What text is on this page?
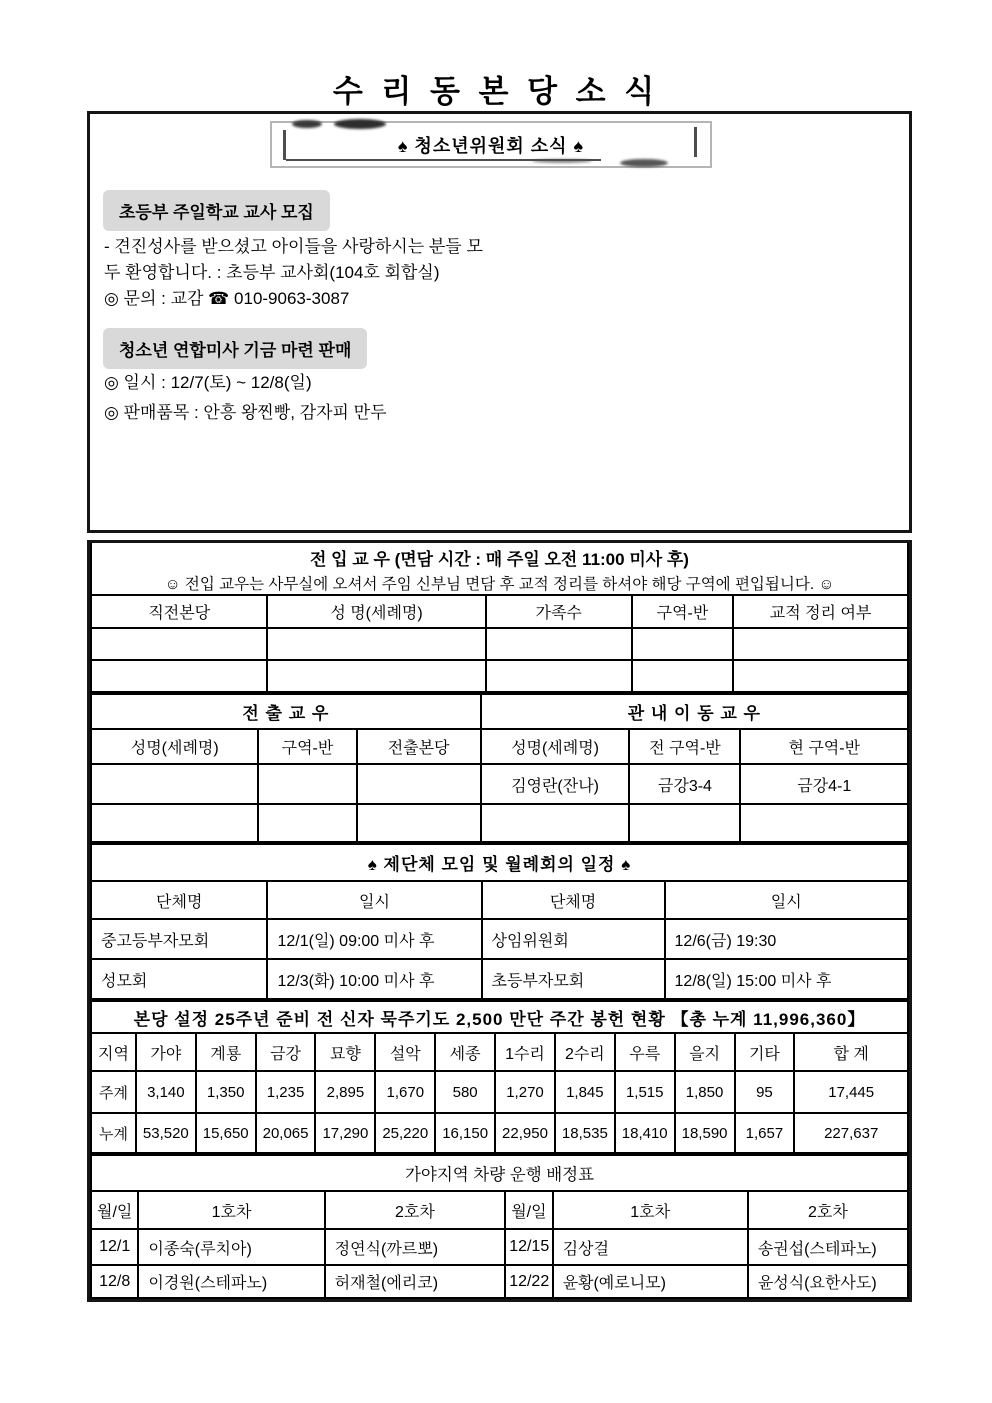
수 리 동 본 당 소 식
♠ 청소년위원회 소식 ♠
초등부 주일학교 교사 모집
- 견진성사를 받으셨고 아이들을 사랑하시는 분들 모
두 환영합니다. : 초등부 교사회(104호 회합실)
◎ 문의 : 교감 ☎ 010-9063-3087
청소년 연합미사 기금 마련 판매
◎ 일시 : 12/7(토) ~ 12/8(일)
◎ 판매품목 : 안흥 왕찐빵, 감자피 만두
전 입 교 우 (면담 시간 : 매 주일 오전 11:00 미사 후)
☺ 전입 교우는 사무실에 오셔서 주임 신부님 면담 후 교적 정리를 하셔야 해당 구역에 편입됩니다. ☺				

직전본당	성 명(세례명)	가족수	구역-반	교적 정리 여부

전 출 교 우			관 내 이 동 교 우		
성명(세례명)	구역-반	전출본당	성명(세례명)	전 구역-반	현 구역-반
			김영란(잔나)	금강3-4	금강4-1

♠ 제단체 모임 및 월례회의 일정 ♠			
단체명	일시	단체명	일시
중고등부자모회	12/1(일) 09:00 미사 후	상임위원회	12/6(금) 19:30
성모회	12/3(화) 10:00 미사 후	초등부자모회	12/8(일) 15:00 미사 후
본당 설정 25주년 준비 전 신자 묵주기도 2,500 만단 주간 봉헌 현황 【총 누계 11,996,360】												
지역	가야	계룡	금강	묘향	설악	세종	1수리	2수리	우륵	을지	기타	합 계
주계	3,140	1,350	1,235	2,895	1,670	580	1,270	1,845	1,515	1,850	95	17,445
누계	53,520	15,650	20,065	17,290	25,220	16,150	22,950	18,535	18,410	18,590	1,657	227,637
가야지역 차량 운행 배정표					
월/일	1호차	2호차	월/일	1호차	2호차
12/1	이종숙(루치아)	정연식(까르뽀)	12/15	김상걸	송권섭(스테파노)
12/8	이경원(스테파노)	허재철(에리코)	12/22	윤황(예로니모)	윤성식(요한사도)
